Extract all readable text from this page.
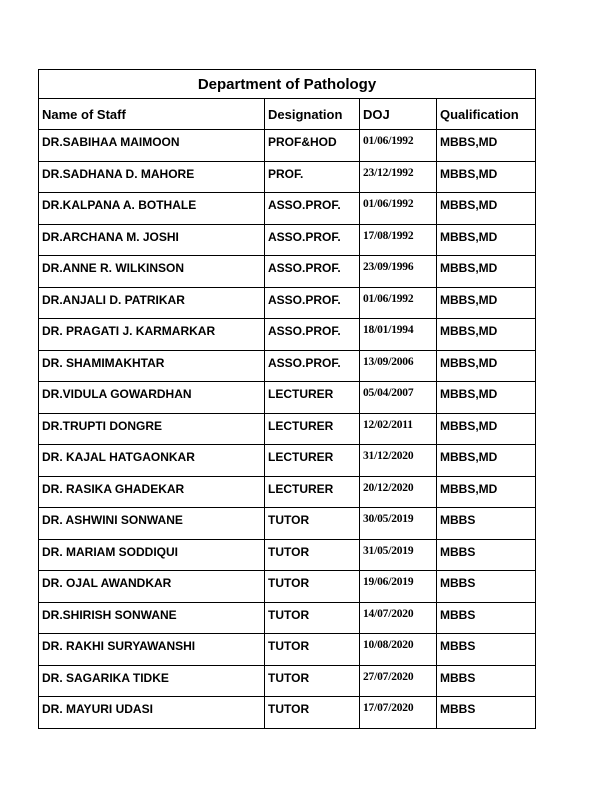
Department of Pathology			
Name of Staff	Designation	DOJ	Qualification
DR.SABIHAA MAIMOON	PROF&HOD	01/06/1992	MBBS,MD
DR.SADHANA D. MAHORE	PROF.	23/12/1992	MBBS,MD
DR.KALPANA A. BOTHALE	ASSO.PROF.	01/06/1992	MBBS,MD
DR.ARCHANA M. JOSHI	ASSO.PROF.	17/08/1992	MBBS,MD
DR.ANNE R. WILKINSON	ASSO.PROF.	23/09/1996	MBBS,MD
DR.ANJALI D. PATRIKAR	ASSO.PROF.	01/06/1992	MBBS,MD
DR. PRAGATI J. KARMARKAR	ASSO.PROF.	18/01/1994	MBBS,MD
DR. SHAMIMAKHTAR	ASSO.PROF.	13/09/2006	MBBS,MD
DR.VIDULA GOWARDHAN	LECTURER	05/04/2007	MBBS,MD
DR.TRUPTI DONGRE	LECTURER	12/02/2011	MBBS,MD
DR. KAJAL HATGAONKAR	LECTURER	31/12/2020	MBBS,MD
DR. RASIKA GHADEKAR	LECTURER	20/12/2020	MBBS,MD
DR. ASHWINI SONWANE	TUTOR	30/05/2019	MBBS
DR. MARIAM SODDIQUI	TUTOR	31/05/2019	MBBS
DR. OJAL AWANDKAR	TUTOR	19/06/2019	MBBS
DR.SHIRISH SONWANE	TUTOR	14/07/2020	MBBS
DR. RAKHI SURYAWANSHI	TUTOR	10/08/2020	MBBS
DR. SAGARIKA TIDKE	TUTOR	27/07/2020	MBBS
DR. MAYURI UDASI	TUTOR	17/07/2020	MBBS
